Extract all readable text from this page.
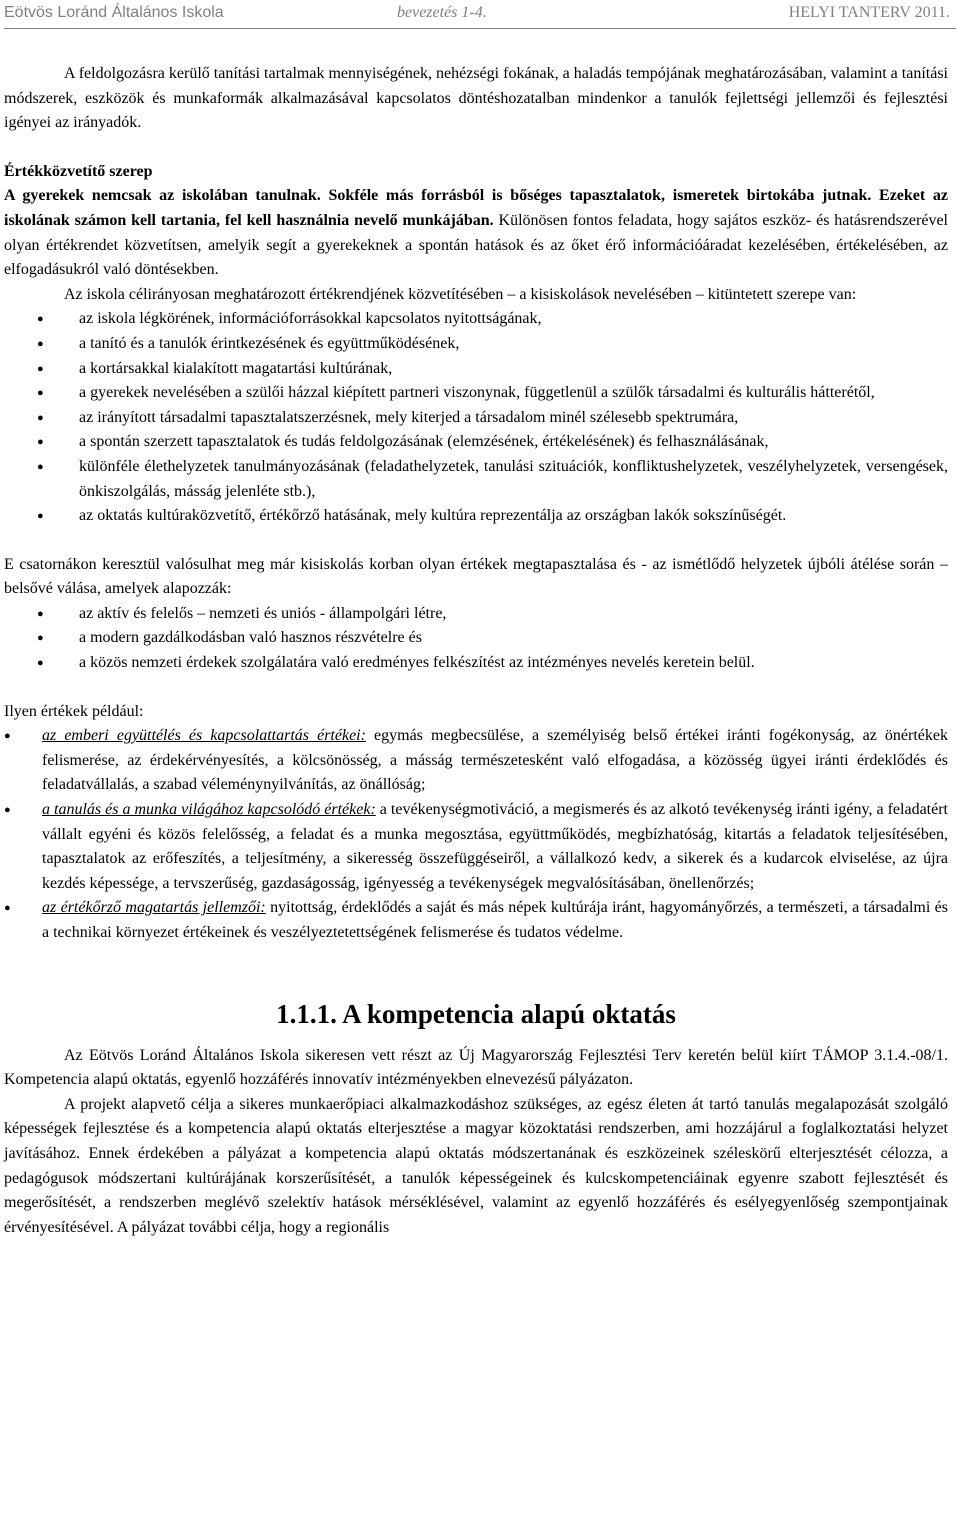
Eötvös Loránd Általános Iskola	bevezetés 1-4.	HELYI TANTERV 2011.

A feldolgozásra kerülő tanítási tartalmak mennyiségének, nehézségi fokának, a haladás tempójának meghatározásában, valamint a tanítási módszerek, eszközök és munkaformák alkalmazásával kapcsolatos döntéshozatalban mindenkor a tanulók fejlettségi jellemzői és fejlesztési igényei az irányadók.

Értékközvetítő szerep

A gyerekek nemcsak az iskolában tanulnak. Sokféle más forrásból is bőséges tapasztalatok, ismeretek birtokába jutnak. Ezeket az iskolának számon kell tartania, fel kell használnia nevelő munkájában. Különösen fontos feladata, hogy sajátos eszköz- és hatásrendszerével olyan értékrendet közvetítsen, amelyik segít a gyerekeknek a spontán hatások és az őket érő információáradat kezelésében, értékelésében, az elfogadásukról való döntésekben.

Az iskola célirányosan meghatározott értékrendjének közvetítésében – a kisiskolások nevelésében – kitüntetett szerepe van:

● az iskola légkörének, információforrásokkal kapcsolatos nyitottságának,
● a tanító és a tanulók érintkezésének és együttműködésének,
● a kortársakkal kialakított magatartási kultúrának,
● a gyerekek nevelésében a szülői házzal kiépített partneri viszonynak, függetlenül a szülők társadalmi és kulturális hátterétől,
● az irányított társadalmi tapasztalatszerzésnek, mely kiterjed a társadalom minél szélesebb spektrumára,
● a spontán szerzett tapasztalatok és tudás feldolgozásának (elemzésének, értékelésének) és felhasználásának,
● különféle élethelyzetek tanulmányozásának (feladathelyzetek, tanulási szituációk, konfliktushelyzetek, veszélyhelyzetek, versengések, önkiszolgálás, másság jelenléte stb.),
● az oktatás kultúraközvetítő, értékőrző hatásának, mely kultúra reprezentálja az országban lakók sokszínűségét.

E csatornákon keresztül valósulhat meg már kisiskolás korban olyan értékek megtapasztalása és - az ismétlődő helyzetek újbóli átélése során – belsővé válása, amelyek alapozzák:

● az aktív és felelős – nemzeti és uniós - állampolgári létre,
● a modern gazdálkodásban való hasznos részvételre és
● a közös nemzeti érdekek szolgálatára való eredményes felkészítést az intézményes nevelés keretein belül.

Ilyen értékek például:

● az emberi együttélés és kapcsolattartás értékei: egymás megbecsülése, a személyiség belső értékei iránti fogékonyság, az önértékek felismerése, az érdekérvényesítés, a kölcsönösség, a másság természetesként való elfogadása, a közösség ügyei iránti érdeklődés és feladatvállalás, a szabad véleménynyilvánítás, az önállóság;
● a tanulás és a munka világához kapcsolódó értékek: a tevékenységmotiváció, a megismerés és az alkotó tevékenység iránti igény, a feladatért vállalt egyéni és közös felelősség, a feladat és a munka megosztása, együttműködés, megbízhatóság, kitartás a feladatok teljesítésében, tapasztalatok az erőfeszítés, a teljesítmény, a sikeresség összefüggéseiről, a vállalkozó kedv, a sikerek és a kudarcok elviselése, az újra kezdés képessége, a tervszerűség, gazdaságosság, igényesség a tevékenységek megvalósításában, önellenőrzés;
● az értékőrző magatartás jellemzői: nyitottság, érdeklődés a saját és más népek kultúrája iránt, hagyományőrzés, a természeti, a társadalmi és a technikai környezet értékeinek és veszélyeztetettségének felismerése és tudatos védelme.
1.1.1. A kompetencia alapú oktatás

Az Eötvös Loránd Általános Iskola sikeresen vett részt az Új Magyarország Fejlesztési Terv keretén belül kiírt TÁMOP 3.1.4.-08/1. Kompetencia alapú oktatás, egyenlő hozzáférés innovatív intézményekben elnevezésű pályázaton.

A projekt alapvető célja a sikeres munkaerőpiaci alkalmazkodáshoz szükséges, az egész életen át tartó tanulás megalapozását szolgáló képességek fejlesztése és a kompetencia alapú oktatás elterjesztése a magyar közoktatási rendszerben, ami hozzájárul a foglalkoztatási helyzet javításához. Ennek érdekében a pályázat a kompetencia alapú oktatás módszertanának és eszközeinek széleskörű elterjesztését célozza, a pedagógusok módszertani kultúrájának korszerűsítését, a tanulók képességeinek és kulcskompetenciáinak egyenre szabott fejlesztését és megerősítését, a rendszerben meglévő szelektív hatások mérséklésével, valamint az egyenlő hozzáférés és esélyegyenlőség szempontjainak érvényesítésével. A pályázat további célja, hogy a regionális
